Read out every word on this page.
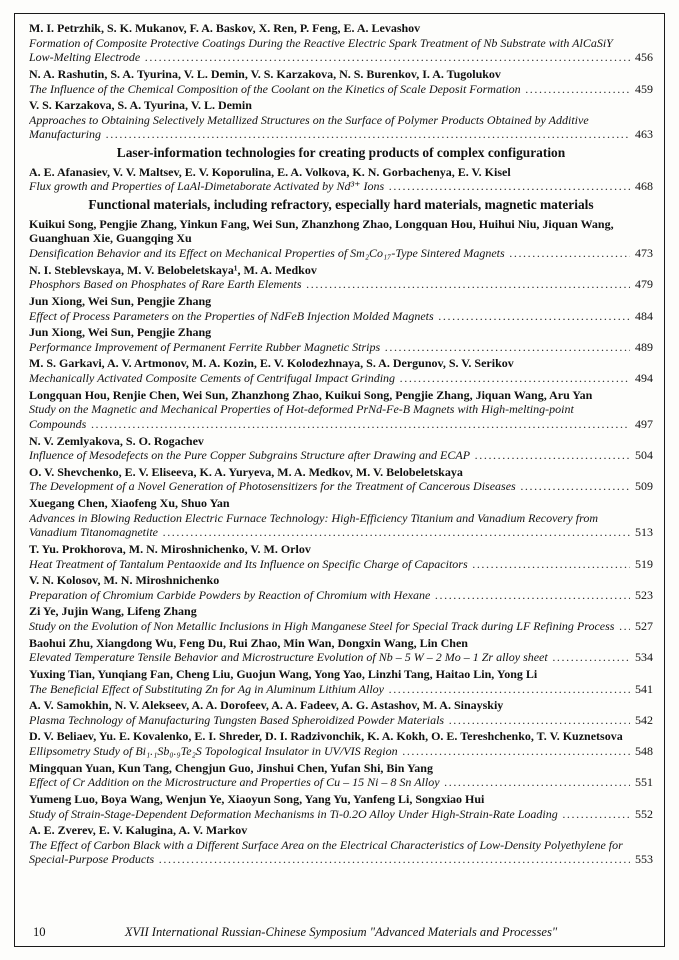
M. I. Petrzhik, S. K. Mukanov, F. A. Baskov, X. Ren, P. Feng, E. A. Levashov
Formation of Composite Protective Coatings During the Reactive Electric Spark Treatment of Nb Substrate with AlCaSiY Low-Melting Electrode .....	456
N. A. Rashutin, S. A. Tyurina, V. L. Demin, V. S. Karzakova, N. S. Burenkov, I. A. Tugolukov
The Influence of the Chemical Composition of the Coolant on the Kinetics of Scale Deposit Formation .....	459
V. S. Karzakova, S. A. Tyurina, V. L. Demin
Approaches to Obtaining Selectively Metallized Structures on the Surface of Polymer Products Obtained by Additive Manufacturing .....	463
Laser-information technologies for creating products of complex configuration
A. E. Afanasiev, V. V. Maltsev, E. V. Koporulina, E. A. Volkova, K. N. Gorbachenya, E. V. Kisel
Flux growth and Properties of LaAl-Dimetaborate Activated by Nd³⁺ Ions .....	468
Functional materials, including refractory, especially hard materials, magnetic materials
Kuikui Song, Pengjie Zhang, Yinkun Fang, Wei Sun, Zhanzhong Zhao, Longquan Hou, Huihui Niu, Jiquan Wang, Guanghuan Xie, Guangqing Xu
Densification Behavior and its Effect on Mechanical Properties of Sm₂Co₁₇-Type Sintered Magnets .....	473
N. I. Steblevskaya, M. V. Belobeletskaya¹, M. A. Medkov
Phosphors Based on Phosphates of Rare Earth Elements .....	479
Jun Xiong, Wei Sun, Pengjie Zhang
Effect of Process Parameters on the Properties of NdFeB Injection Molded Magnets .....	484
Jun Xiong, Wei Sun, Pengjie Zhang
Performance Improvement of Permanent Ferrite Rubber Magnetic Strips .....	489
M. S. Garkavi, A. V. Artmonov, M. A. Kozin, E. V. Kolodezhnaya, S. A. Dergunov, S. V. Serikov
Mechanically Activated Composite Cements of Centrifugal Impact Grinding .....	494
Longquan Hou, Renjie Chen, Wei Sun, Zhanzhong Zhao, Kuikui Song, Pengjie Zhang, Jiquan Wang, Aru Yan
Study on the Magnetic and Mechanical Properties of Hot-deformed PrNd-Fe-B Magnets with High-melting-point Compounds .....	497
N. V. Zemlyakova, S. O. Rogachev
Influence of Mesodefects on the Pure Copper Subgrains Structure after Drawing and ECAP .....	504
O. V. Shevchenko, E. V. Eliseeva, K. A. Yuryeva, M. A. Medkov, M. V. Belobeletskaya
The Development of a Novel Generation of Photosensitizers for the Treatment of Cancerous Diseases .....	509
Xuegang Chen, Xiaofeng Xu, Shuo Yan
Advances in Blowing Reduction Electric Furnace Technology: High-Efficiency Titanium and Vanadium Recovery from Vanadium Titanomagnetite .....	513
T. Yu. Prokhorova, M. N. Miroshnichenko, V. M. Orlov
Heat Treatment of Tantalum Pentaoxide and Its Influence on Specific Charge of Capacitors .....	519
V. N. Kolosov, M. N. Miroshnichenko
Preparation of Chromium Carbide Powders by Reaction of Chromium with Hexane .....	523
Zi Ye, Jujin Wang, Lifeng Zhang
Study on the Evolution of Non Metallic Inclusions in High Manganese Steel for Special Track during LF Refining Process .....	527
Baohui Zhu, Xiangdong Wu, Feng Du, Rui Zhao, Min Wan, Dongxin Wang, Lin Chen
Elevated Temperature Tensile Behavior and Microstructure Evolution of Nb – 5 W – 2 Mo – 1 Zr alloy sheet .....	534
Yuxing Tian, Yunqiang Fan, Cheng Liu, Guojun Wang, Yong Yao, Linzhi Tang, Haitao Lin, Yong Li
The Beneficial Effect of Substituting Zn for Ag in Aluminum Lithium Alloy .....	541
A. V. Samokhin, N. V. Alekseev, A. A. Dorofeev, A. A. Fadeev, A. G. Astashov, M. A. Sinayskiy
Plasma Technology of Manufacturing Tungsten Based Spheroidized Powder Materials .....	542
D. V. Beliaev, Yu. E. Kovalenko, E. I. Shreder, D. I. Radzivonchik, K. A. Kokh, O. E. Tereshchenko, T. V. Kuznetsova
Ellipsometry Study of Bi₁.₁Sb₀.₉Te₂S Topological Insulator in UV/VIS Region .....	548
Mingquan Yuan, Kun Tang, Chengjun Guo, Jinshui Chen, Yufan Shi, Bin Yang
Effect of Cr Addition on the Microstructure and Properties of Cu – 15 Ni – 8 Sn Alloy .....	551
Yumeng Luo, Boya Wang, Wenjun Ye, Xiaoyun Song, Yang Yu, Yanfeng Li, Songxiao Hui
Study of Strain-Stage-Dependent Deformation Mechanisms in Ti-0.2O Alloy Under High-Strain-Rate Loading .....	552
A. E. Zverev, E. V. Kalugina, A. V. Markov
The Effect of Carbon Black with a Different Surface Area on the Electrical Characteristics of Low-Density Polyethylene for Special-Purpose Products .....	553
10	XVII International Russian-Chinese Symposium "Advanced Materials and Processes"
